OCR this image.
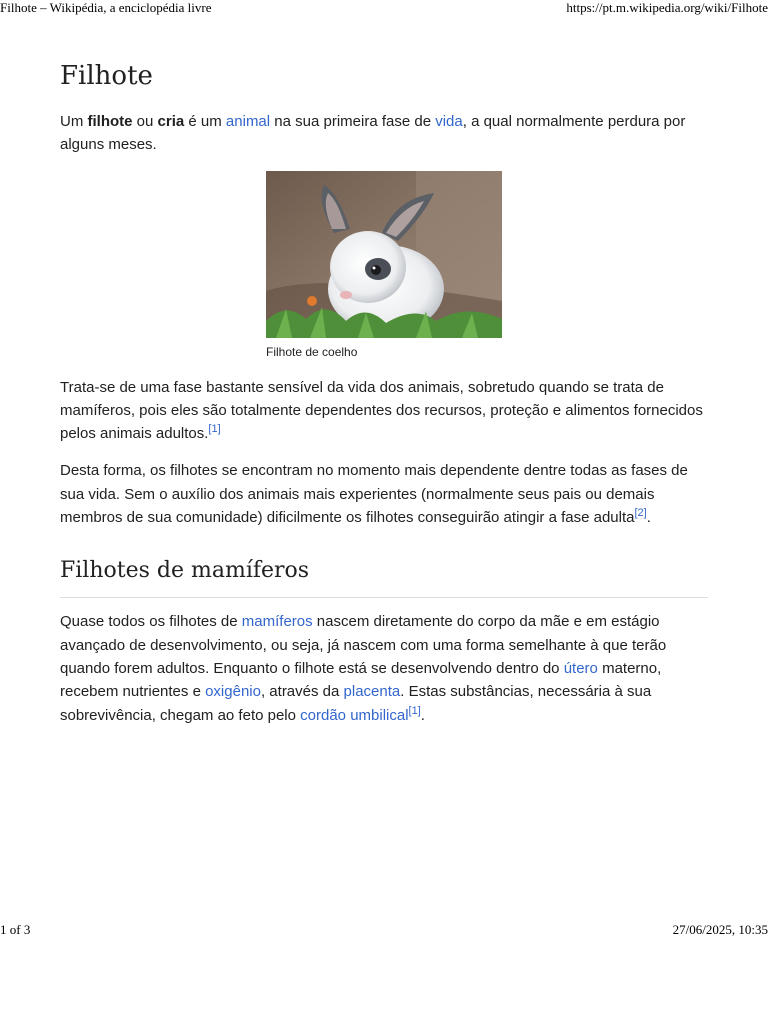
Filhote – Wikipédia, a enciclopédia livre	https://pt.m.wikipedia.org/wiki/Filhote
Filhote

Um filhote ou cria é um animal na sua primeira fase de vida, a qual normalmente perdura por alguns meses.

Filhote de coelho

Trata-se de uma fase bastante sensível da vida dos animais, sobretudo quando se trata de mamíferos, pois eles são totalmente dependentes dos recursos, proteção e alimentos fornecidos pelos animais adultos.[1]

Desta forma, os filhotes se encontram no momento mais dependente dentre todas as fases de sua vida. Sem o auxílio dos animais mais experientes (normalmente seus pais ou demais membros de sua comunidade) dificilmente os filhotes conseguirão atingir a fase adulta[2].

Filhotes de mamíferos

Quase todos os filhotes de mamíferos nascem diretamente do corpo da mãe e em estágio avançado de desenvolvimento, ou seja, já nascem com uma forma semelhante à que terão quando forem adultos. Enquanto o filhote está se desenvolvendo dentro do útero materno, recebem nutrientes e oxigênio, através da placenta. Estas substâncias, necessária à sua sobrevivência, chegam ao feto pelo cordão umbilical[1].

1 of 3	27/06/2025, 10:35
